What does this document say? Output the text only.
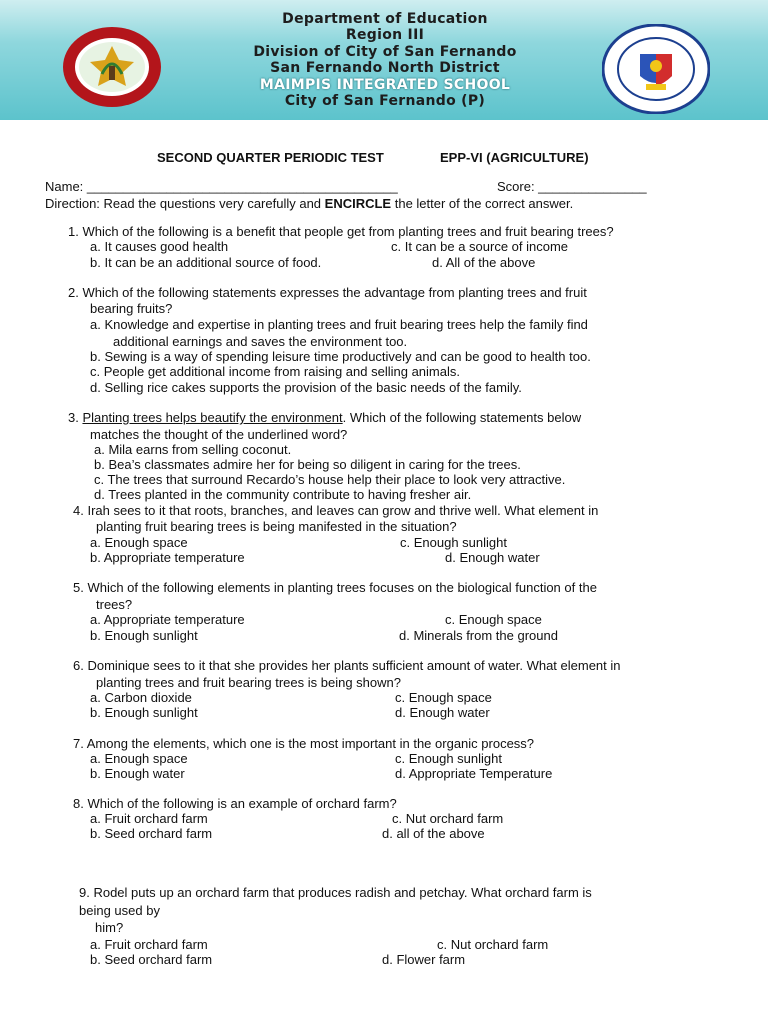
Department of Education
Region III
Division of City of San Fernando
San Fernando North District
MAIMPIS INTEGRATED SCHOOL
City of San Fernando (P)
SECOND QUARTER PERIODIC TEST	EPP-VI (AGRICULTURE)
Name: ___________________________________________	Score: _______________
Direction: Read the questions very carefully and ENCIRCLE the letter of the correct answer.
1. Which of the following is a benefit that people get from planting trees and fruit bearing trees?
a. It causes good health	c. It can be a source of income
b. It can be an additional source of food.	d. All of the above
2. Which of the following statements expresses the advantage from planting trees and fruit
bearing fruits?
a. Knowledge and expertise in planting trees and fruit bearing trees help the family find
additional earnings and saves the environment too.
b. Sewing is a way of spending leisure time productively and can be good to health too.
c. People get additional income from raising and selling animals.
d. Selling rice cakes supports the provision of the basic needs of the family.
3. Planting trees helps beautify the environment. Which of the following statements below
matches the thought of the underlined word?
a. Mila earns from selling coconut.
b. Bea’s classmates admire her for being so diligent in caring for the trees.
c. The trees that surround Recardo’s house help their place to look very attractive.
d. Trees planted in the community contribute to having fresher air.
4. Irah sees to it that roots, branches, and leaves can grow and thrive well. What element in
planting fruit bearing trees is being manifested in the situation?
a. Enough space	c. Enough sunlight
b. Appropriate temperature	d. Enough water
5. Which of the following elements in planting trees focuses on the biological function of the
trees?
a. Appropriate temperature	c. Enough space
b. Enough sunlight	d. Minerals from the ground
6. Dominique sees to it that she provides her plants sufficient amount of water. What element in
planting trees and fruit bearing trees is being shown?
a. Carbon dioxide	c. Enough space
b. Enough sunlight	d. Enough water
7. Among the elements, which one is the most important in the organic process?
a. Enough space	c. Enough sunlight
b. Enough water	d. Appropriate Temperature
8. Which of the following is an example of orchard farm?
a. Fruit orchard farm	c. Nut orchard farm
b. Seed orchard farm	d. all of the above
9. Rodel puts up an orchard farm that produces radish and petchay. What orchard farm is
being used by
him?
a. Fruit orchard farm	c. Nut orchard farm
b. Seed orchard farm	d. Flower farm
